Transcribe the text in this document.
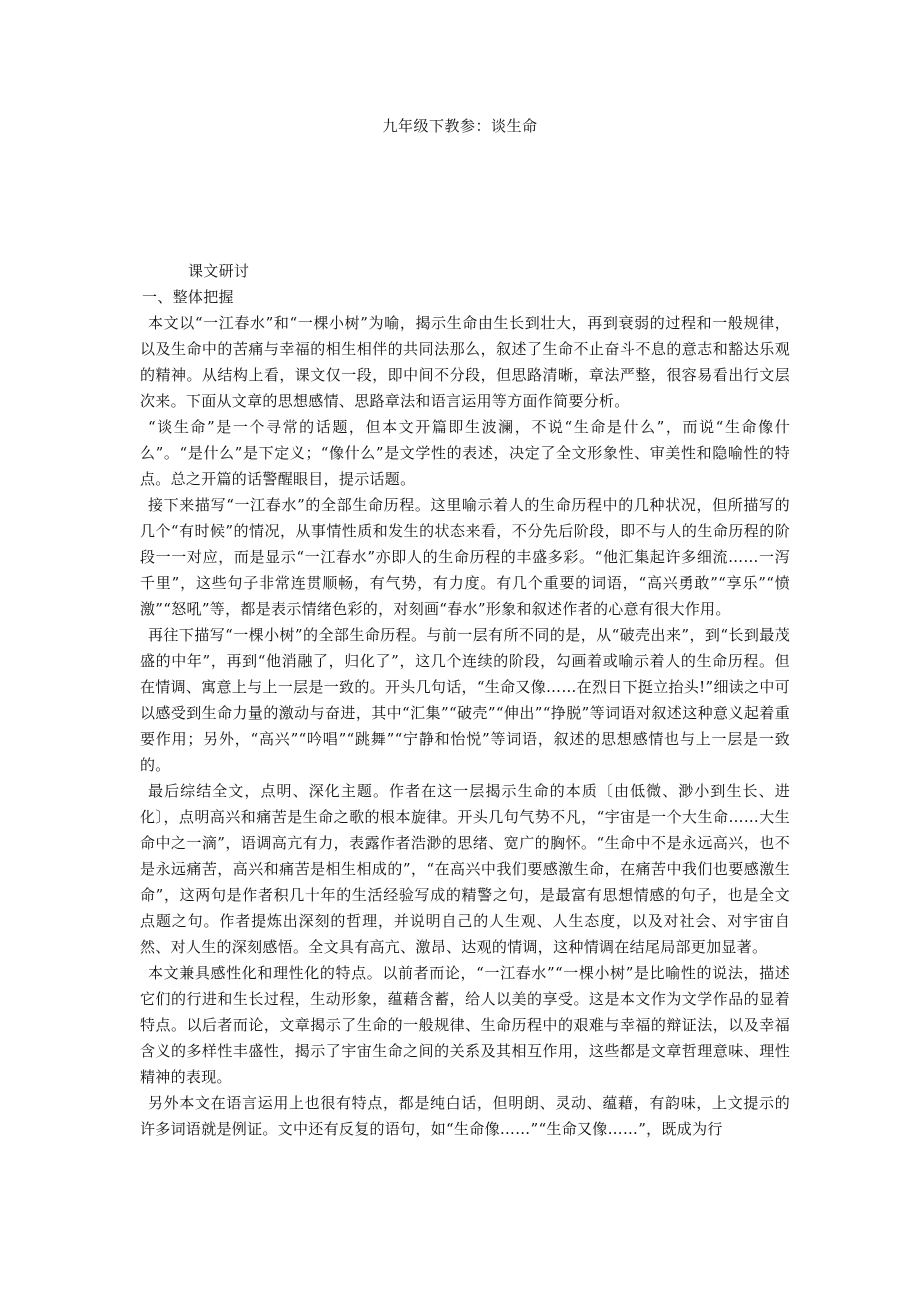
九年级下教参：谈生命

课文研讨

一、整体把握

本文以“一江春水”和“一棵小树”为喻，揭示生命由生长到壮大，再到衰弱的过程和一般规律，以及生命中的苦痛与幸福的相生相伴的共同法那么，叙述了生命不止奋斗不息的意志和豁达乐观的精神。从结构上看，课文仅一段，即中间不分段，但思路清晰，章法严整，很容易看出行文层次来。下面从文章的思想感情、思路章法和语言运用等方面作简要分析。

“谈生命”是一个寻常的话题，但本文开篇即生波澜，不说“生命是什么”，而说“生命像什么”。“是什么”是下定义；“像什么”是文学性的表述，决定了全文形象性、审美性和隐喻性的特点。总之开篇的话警醒眼目，提示话题。

接下来描写“一江春水”的全部生命历程。这里喻示着人的生命历程中的几种状况，但所描写的几个“有时候”的情况，从事情性质和发生的状态来看，不分先后阶段，即不与人的生命历程的阶段一一对应，而是显示“一江春水”亦即人的生命历程的丰盛多彩。“他汇集起许多细流……一泻千里”，这些句子非常连贯顺畅，有气势，有力度。有几个重要的词语，“高兴勇敢”“享乐”“愤激”“怒吼”等，都是表示情绪色彩的，对刻画“春水”形象和叙述作者的心意有很大作用。

再往下描写“一棵小树”的全部生命历程。与前一层有所不同的是，从“破壳出来”，到“长到最茂盛的中年”，再到“他消融了，归化了”，这几个连续的阶段，勾画着或喻示着人的生命历程。但在情调、寓意上与上一层是一致的。开头几句话，“生命又像……在烈日下挺立抬头!”细读之中可以感受到生命力量的激动与奋进，其中“汇集”“破壳”“伸出”“挣脱”等词语对叙述这种意义起着重要作用；另外，“高兴”“吟唱”“跳舞”“宁静和怡悦”等词语，叙述的思想感情也与上一层是一致的。

最后综结全文，点明、深化主题。作者在这一层揭示生命的本质〔由低微、渺小到生长、进化〕，点明高兴和痛苦是生命之歌的根本旋律。开头几句气势不凡，“宇宙是一个大生命……大生命中之一滴”，语调高亢有力，表露作者浩渺的思绪、宽广的胸怀。“生命中不是永远高兴，也不是永远痛苦，高兴和痛苦是相生相成的”，“在高兴中我们要感激生命，在痛苦中我们也要感激生命”，这两句是作者积几十年的生活经验写成的精警之句，是最富有思想情感的句子，也是全文点题之句。作者提炼出深刻的哲理，并说明自己的人生观、人生态度，以及对社会、对宇宙自然、对人生的深刻感悟。全文具有高亢、激昂、达观的情调，这种情调在结尾局部更加显著。

本文兼具感性化和理性化的特点。以前者而论，“一江春水”“一棵小树”是比喻性的说法，描述它们的行进和生长过程，生动形象，蕴藉含蓄，给人以美的享受。这是本文作为文学作品的显着特点。以后者而论，文章揭示了生命的一般规律、生命历程中的艰难与幸福的辩证法，以及幸福含义的多样性丰盛性，揭示了宇宙生命之间的关系及其相互作用，这些都是文章哲理意味、理性精神的表现。

另外本文在语言运用上也很有特点，都是纯白话，但明朗、灵动、蕴藉，有韵味，上文提示的许多词语就是例证。文中还有反复的语句，如“生命像……”“生命又像……”，既成为行
